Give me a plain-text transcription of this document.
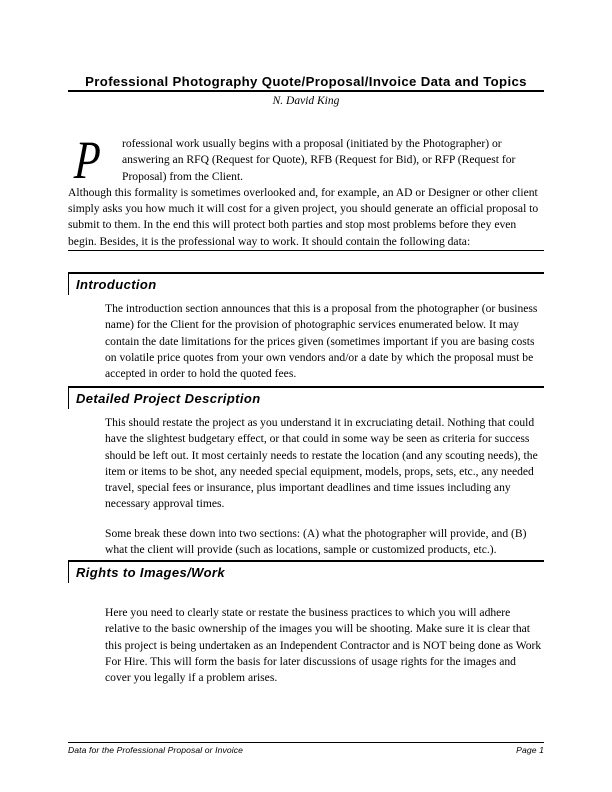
Professional Photography Quote/Proposal/Invoice Data and Topics
N. David King

P	rofessional work usually begins with a proposal (initiated by the Photographer) or answering an RFQ (Request for Quote), RFB (Request for Bid), or RFP (Request for Proposal) from the Client.
Although this formality is sometimes overlooked and, for example, an AD or Designer or other client simply asks you how much it will cost for a given project, you should generate an official proposal to submit to them. In the end this will protect both parties and stop most problems before they even begin. Besides, it is the professional way to work. It should contain the following data:

Introduction

The introduction section announces that this is a proposal from the photographer (or business name) for the Client for the provision of photographic services enumerated below. It may contain the date limitations for the prices given (sometimes important if you are basing costs on volatile price quotes from your own vendors and/or a date by which the proposal must be accepted in order to hold the quoted fees.

Detailed Project Description

This should restate the project as you understand it in excruciating detail. Nothing that could have the slightest budgetary effect, or that could in some way be seen as criteria for success should be left out. It most certainly needs to restate the location (and any scouting needs), the item or items to be shot, any needed special equipment, models, props, sets, etc., any needed travel, special fees or insurance, plus important deadlines and time issues including any necessary approval times.

Some break these down into two sections: (A) what the photographer will provide, and (B) what the client will provide (such as locations, sample or customized products, etc.).

Rights to Images/Work

Here you need to clearly state or restate the business practices to which you will adhere relative to the basic ownership of the images you will be shooting. Make sure it is clear that this project is being undertaken as an Independent Contractor and is NOT being done as Work For Hire. This will form the basis for later discussions of usage rights for the images and cover you legally if a problem arises.

Data for the Professional Proposal or Invoice	Page 1
